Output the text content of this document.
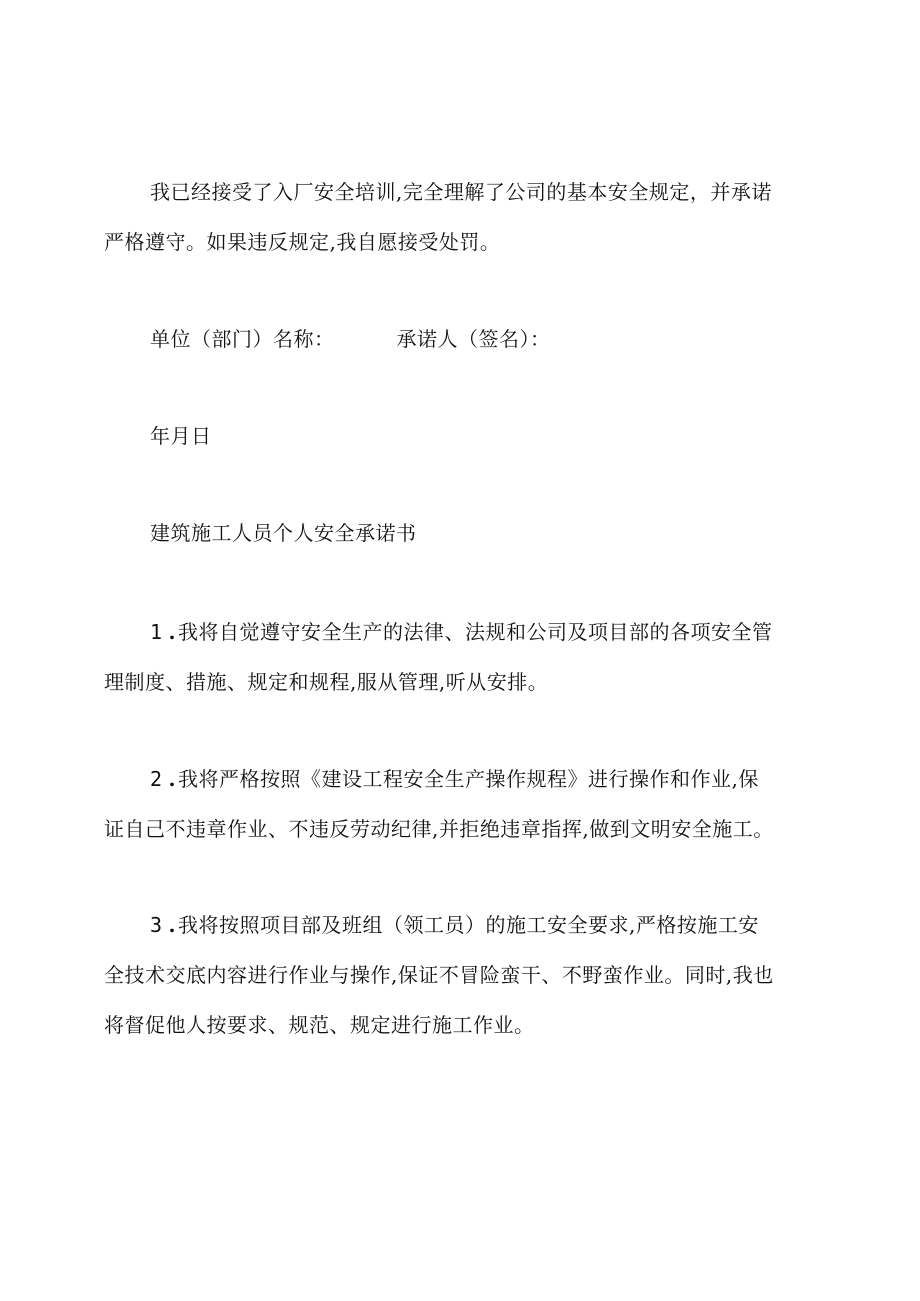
我已经接受了入厂安全培训,完全理解了公司的基本安全规定，并承诺
严格遵守。如果违反规定,我自愿接受处罚。
单位（部门）名称：	承诺人（签名）：
年月日
建筑施工人员个人安全承诺书
1 . 我将自觉遵守安全生产的法律、法规和公司及项目部的各项安全管
理制度、措施、规定和规程,服从管理,听从安排。
2 . 我将严格按照《建设工程安全生产操作规程》进行操作和作业,保
证自己不违章作业、不违反劳动纪律,并拒绝违章指挥,做到文明安全施工。
3 . 我将按照项目部及班组（领工员）的施工安全要求,严格按施工安
全技术交底内容进行作业与操作,保证不冒险蛮干、不野蛮作业。同时,我也
将督促他人按要求、规范、规定进行施工作业。
